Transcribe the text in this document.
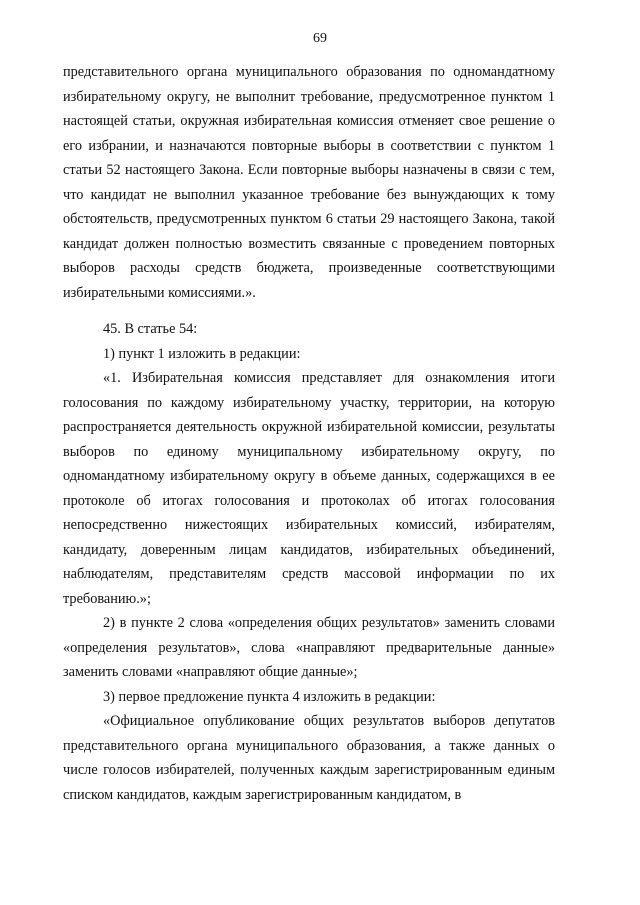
69

представительного органа муниципального образования по одномандатному избирательному округу, не выполнит требование, предусмотренное пунктом 1 настоящей статьи, окружная избирательная комиссия отменяет свое решение о его избрании, и назначаются повторные выборы в соответствии с пунктом 1 статьи 52 настоящего Закона. Если повторные выборы назначены в связи с тем, что кандидат не выполнил указанное требование без вынуждающих к тому обстоятельств, предусмотренных пунктом 6 статьи 29 настоящего Закона, такой кандидат должен полностью возместить связанные с проведением повторных выборов расходы средств бюджета, произведенные соответствующими избирательными комиссиями.».

45. В статье 54:

1) пункт 1 изложить в редакции:

«1. Избирательная комиссия представляет для ознакомления итоги голосования по каждому избирательному участку, территории, на которую распространяется деятельность окружной избирательной комиссии, результаты выборов по единому муниципальному избирательному округу, по одномандатному избирательному округу в объеме данных, содержащихся в ее протоколе об итогах голосования и протоколах об итогах голосования непосредственно нижестоящих избирательных комиссий, избирателям, кандидату, доверенным лицам кандидатов, избирательных объединений, наблюдателям, представителям средств массовой информации по их требованию.»;

2) в пункте 2 слова «определения общих результатов» заменить словами «определения результатов», слова «направляют предварительные данные» заменить словами «направляют общие данные»;

3) первое предложение пункта 4 изложить в редакции:

«Официальное опубликование общих результатов выборов депутатов представительного органа муниципального образования, а также данных о числе голосов избирателей, полученных каждым зарегистрированным единым списком кандидатов, каждым зарегистрированным кандидатом, в
